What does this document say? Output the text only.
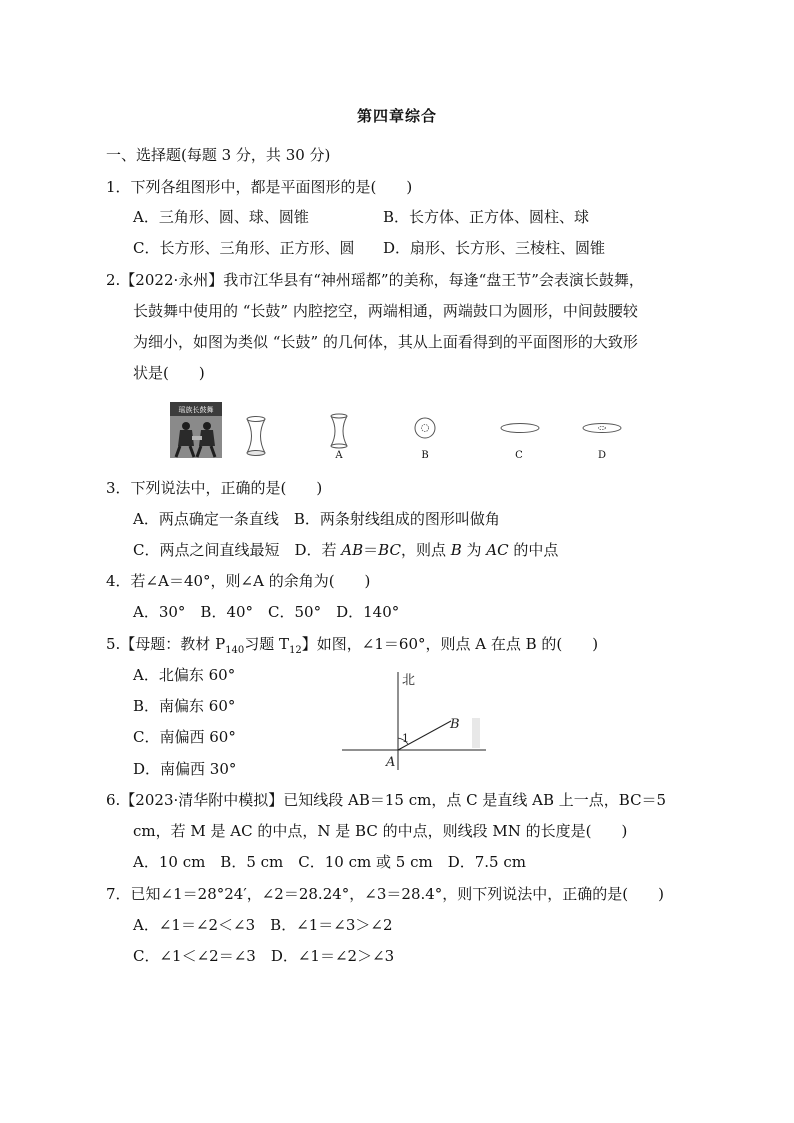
第四章综合
一、选择题(每题 3 分，共 30 分)
1．下列各组图形中，都是平面图形的是(　　)
A．三角形、圆、球、圆锥	B．长方体、正方体、圆柱、球
C．长方形、三角形、正方形、圆 D．扇形、长方形、三棱柱、圆锥
2.【2022·永州】我市江华县有“神州瑶都”的美称，每逢“盘王节”会表演长鼓舞，
长鼓舞中使用的 “长鼓” 内腔挖空，两端相通，两端鼓口为圆形，中间鼓腰较
为细小，如图为类似 “长鼓” 的几何体，其从上面看得到的平面图形的大致形
状是(　　)
瑶族长鼓舞
A	B	C	D
3．下列说法中，正确的是(　　)
A．两点确定一条直线　B．两条射线组成的图形叫做角
C．两点之间直线最短　D．若 AB＝BC，则点 B 为 AC 的中点
4．若∠A＝40°，则∠A 的余角为(　　)
A．30°　B．40°　C．50°　D．140°
5.【母题：教材 $P_{140}$习题 $T_{12}$】如图，∠1＝60°，则点 A 在点 B 的(　　)
A．北偏东 60°
B．南偏东 60°
C．南偏西 60°
D．南偏西 30°
北
B
A
1
6.【2023·清华附中模拟】已知线段 AB＝15 cm，点 C 是直线 AB 上一点，BC＝5
cm，若 M 是 AC 的中点，N 是 BC 的中点，则线段 MN 的长度是(　　)
A．10 cm　B．5 cm　C．10 cm 或 5 cm　D．7.5 cm
7．已知∠1＝28°24′，∠2＝28.24°，∠3＝28.4°，则下列说法中，正确的是(　　)
A．∠1＝∠2＜∠3　B．∠1＝∠3＞∠2
C．∠1＜∠2＝∠3　D．∠1＝∠2＞∠3
